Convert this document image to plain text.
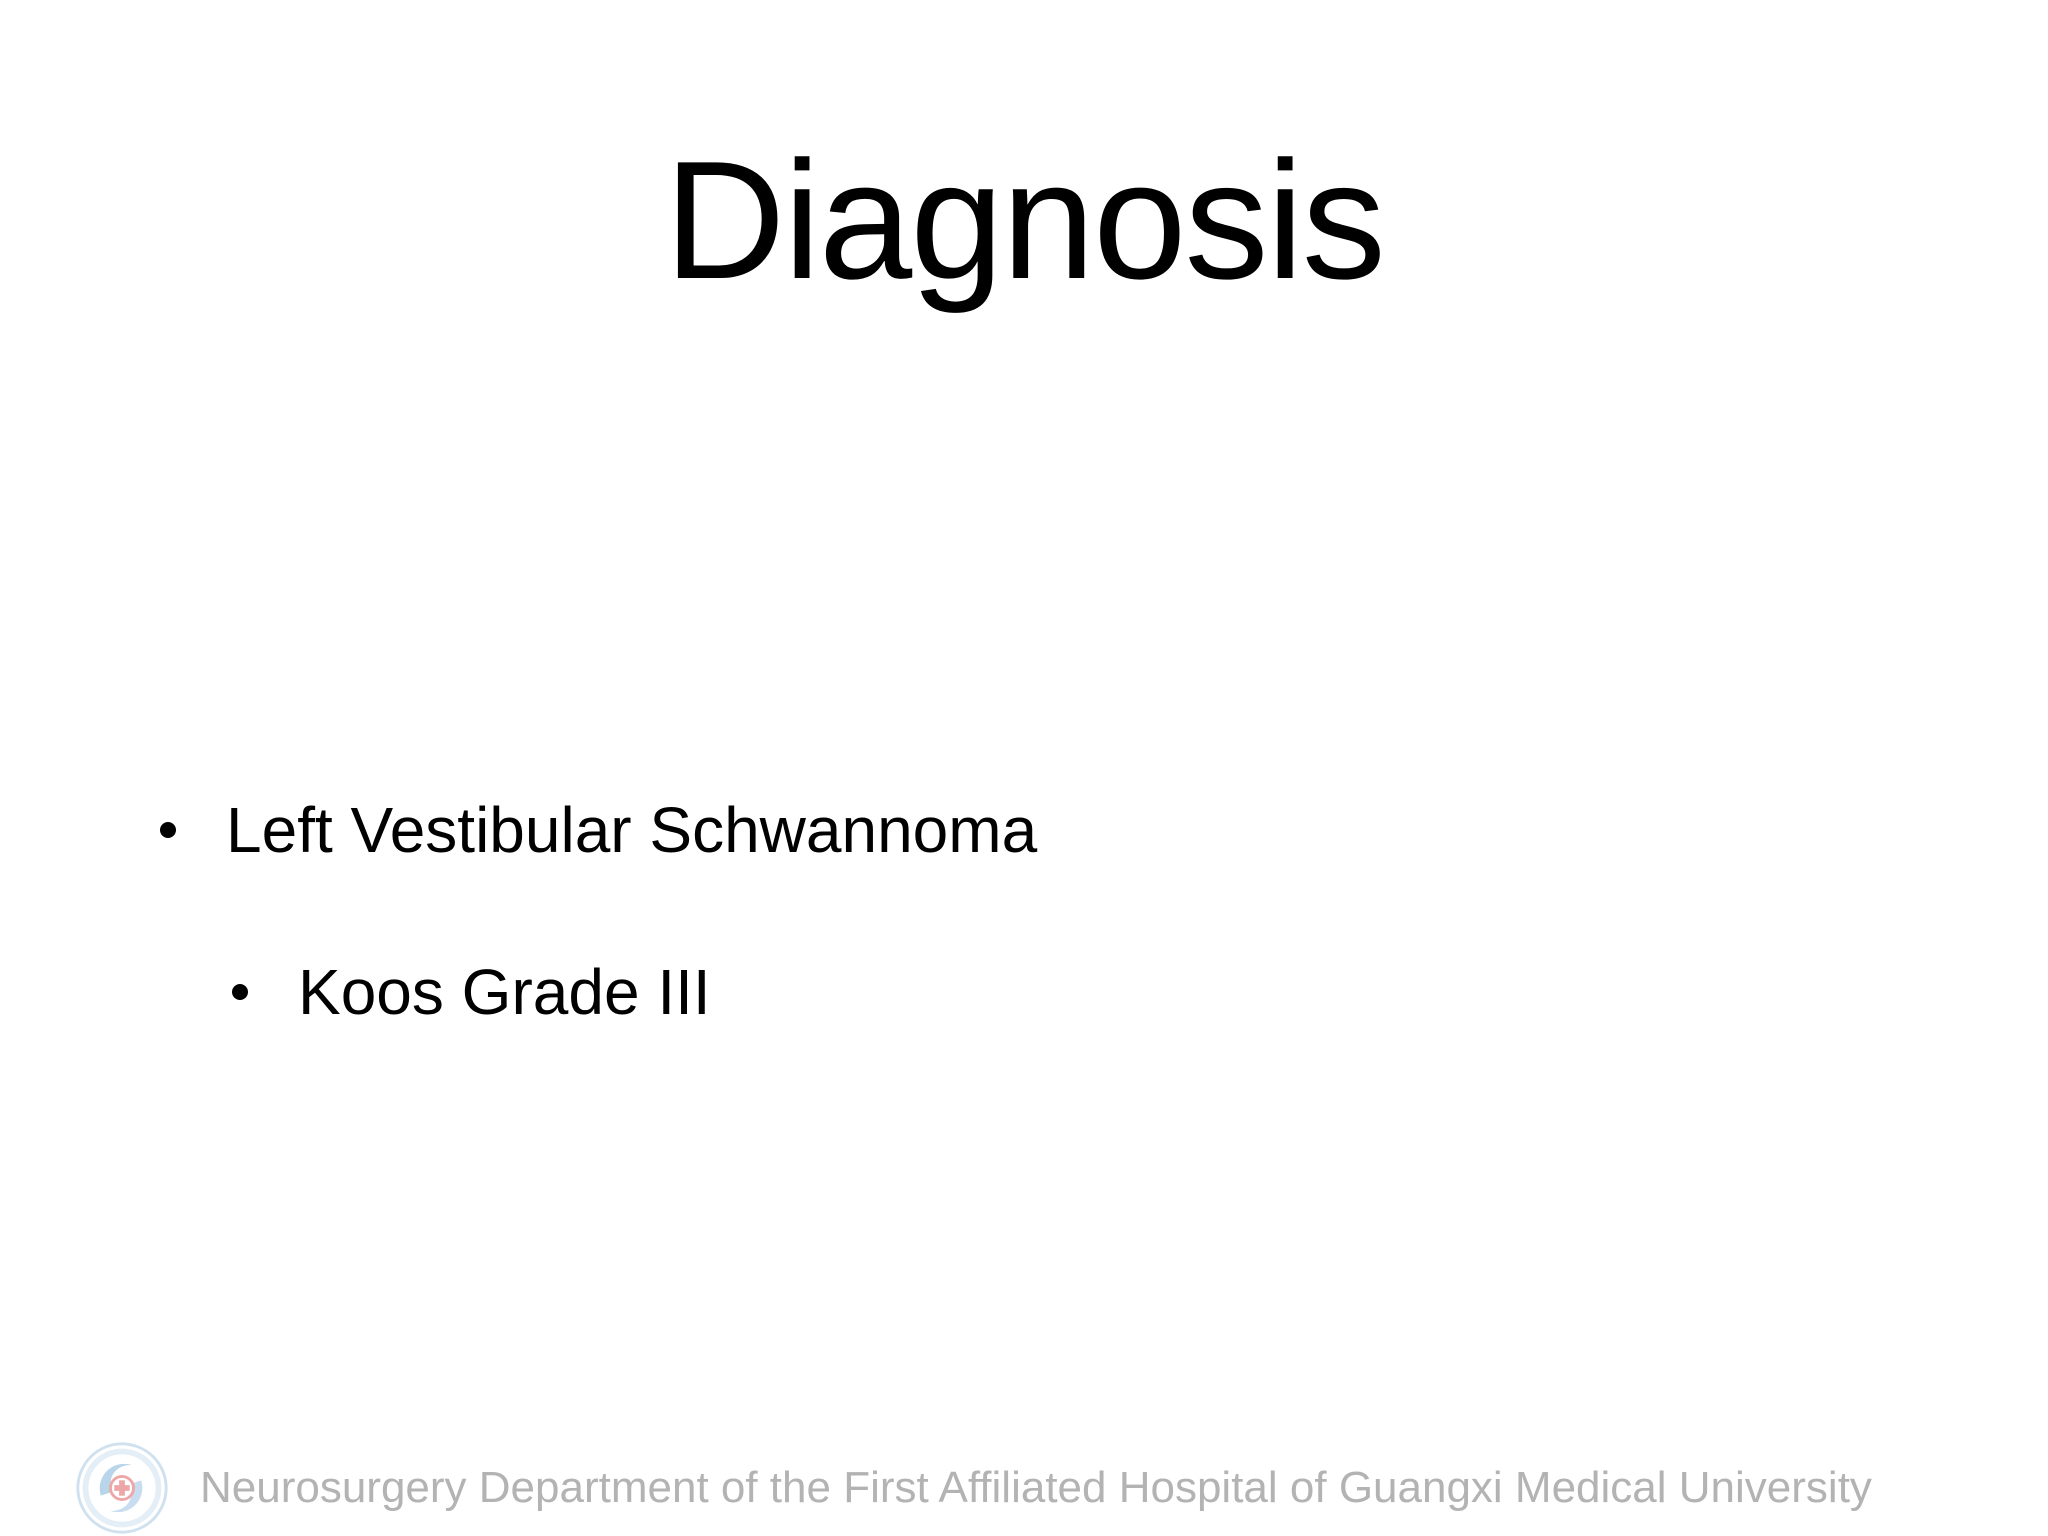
Diagnosis
Left Vestibular Schwannoma
Koos Grade III
Neurosurgery Department of the First Affiliated Hospital of Guangxi Medical University
